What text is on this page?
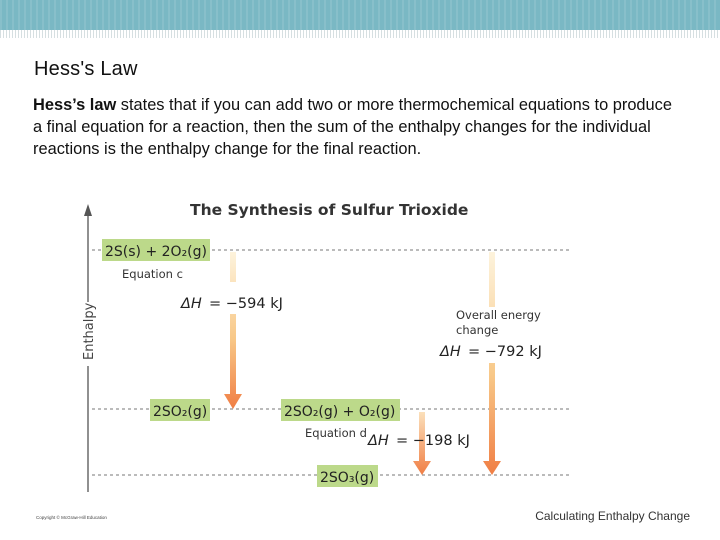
Hess's Law
Hess’s law states that if you can add two or more thermochemical equations to produce a final equation for a reaction, then the sum of the enthalpy changes for the individual reactions is the enthalpy change for the final reaction.
The Synthesis of Sulfur Trioxide
Enthalpy
2S(s) + 2O₂(g)
2SO₂(g)	2SO₂(g) + O₂(g)
2SO₃(g)
Equation c
ΔH = −594 kJ
Equation d ΔH = −198 kJ
Overall energy
change
ΔH = −792 kJ
Copyright © McGraw-Hill Education	Calculating Enthalpy Change
